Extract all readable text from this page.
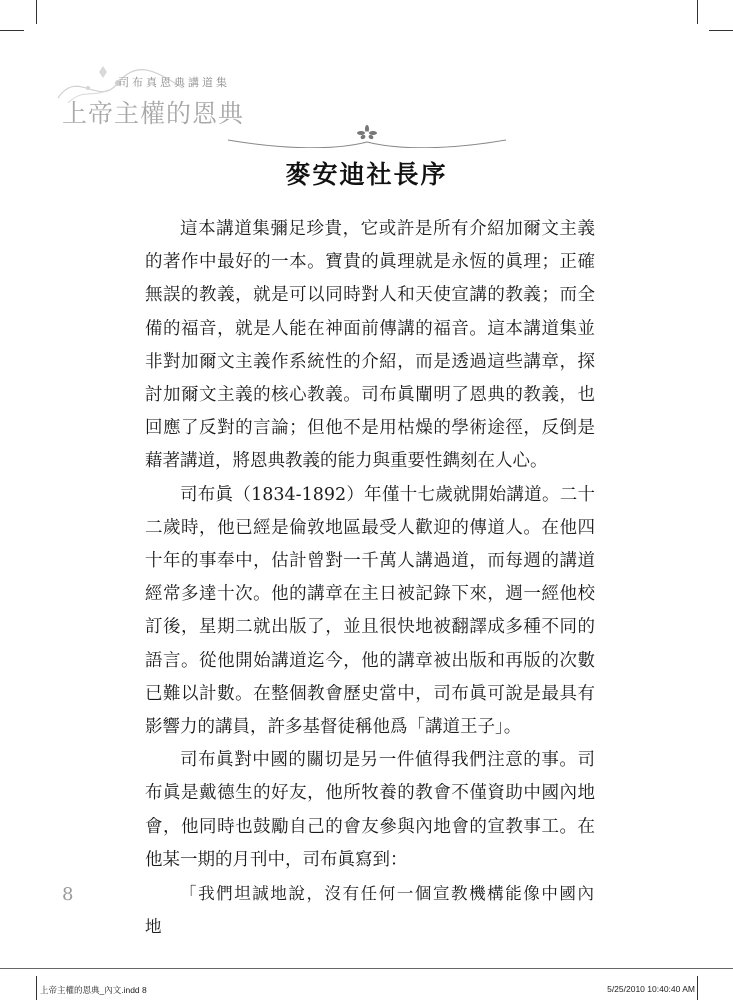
司布真恩典講道集
上帝主權的恩典
麥安迪社長序

這本講道集彌足珍貴，它或許是所有介紹加爾文主義的著作中最好的一本。寶貴的眞理就是永恆的眞理；正確無誤的教義，就是可以同時對人和天使宣講的教義；而全備的福音，就是人能在神面前傳講的福音。這本講道集並非對加爾文主義作系統性的介紹，而是透過這些講章，探討加爾文主義的核心教義。司布眞闡明了恩典的教義，也回應了反對的言論；但他不是用枯燥的學術途徑，反倒是藉著講道，將恩典教義的能力與重要性鐫刻在人心。

司布眞（1834-1892）年僅十七歲就開始講道。二十二歲時，他已經是倫敦地區最受人歡迎的傳道人。在他四十年的事奉中，估計曾對一千萬人講過道，而每週的講道經常多達十次。他的講章在主日被記錄下來，週一經他校訂後，星期二就出版了，並且很快地被翻譯成多種不同的語言。從他開始講道迄今，他的講章被出版和再版的次數已難以計數。在整個教會歷史當中，司布眞可說是最具有影響力的講員，許多基督徒稱他爲「講道王子」。

司布眞對中國的關切是另一件値得我們注意的事。司布眞是戴德生的好友，他所牧養的教會不僅資助中國內地會，他同時也鼓勵自己的會友參與內地會的宣教事工。在他某一期的月刊中，司布眞寫到：

「我們坦誠地說，沒有任何一個宣教機構能像中國內地

8
上帝主權的恩典_內文.indd 8	5/25/2010 10:40:40 AM
